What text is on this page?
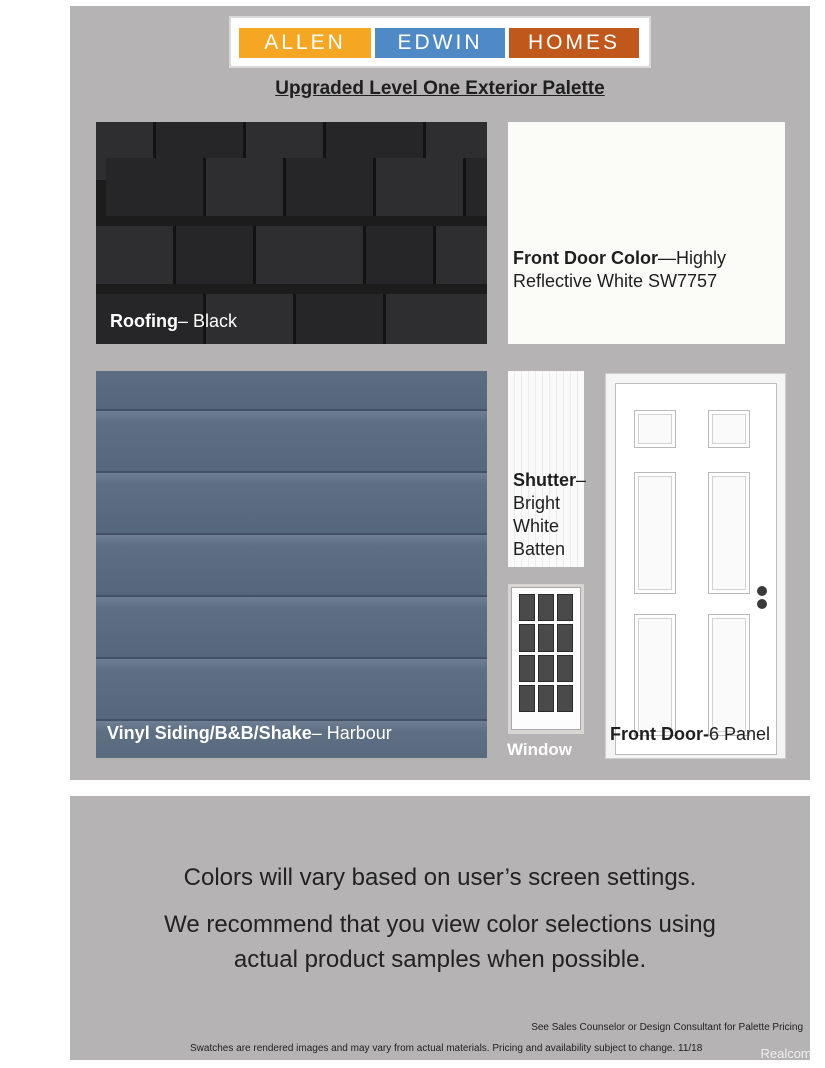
ALLEN	EDWIN	HOMES
Upgraded Level One Exterior Palette
Roofing– Black
Front Door Color—Highly
Reflective White SW7757
Vinyl Siding/B&B/Shake– Harbour
Shutter–
Bright
White
Batten
Window
Front Door-6 Panel
Colors will vary based on user’s screen settings.
We recommend that you view color selections using
actual product samples when possible.
See Sales Counselor or Design Consultant for Palette Pricing
Swatches are rendered images and may vary from actual materials. Pricing and availability subject to change. 11/18	Realcomp
